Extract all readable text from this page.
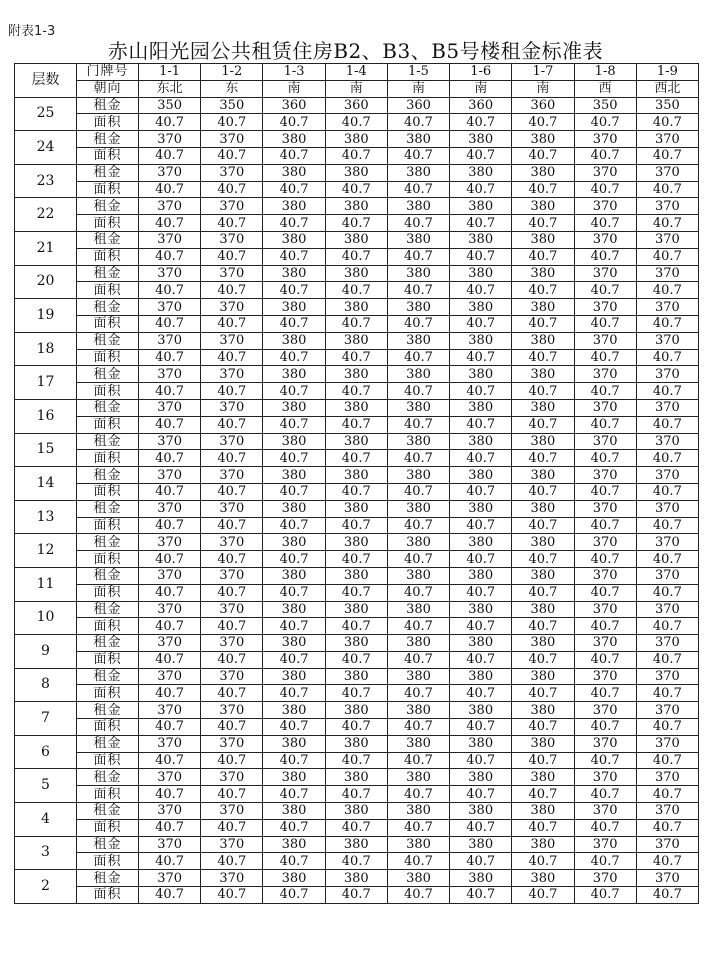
附表1-3
赤山阳光园公共租赁住房B2、B3、B5号楼租金标准表
层数	门牌号	1-1	1-2	1-3	1-4	1-5	1-6	1-7	1-8	1-9
	朝向	东北	东	南	南	南	南	南	西	西北
25	租金	350	350	360	360	360	360	360	350	350
	面积	40.7	40.7	40.7	40.7	40.7	40.7	40.7	40.7	40.7
24	租金	370	370	380	380	380	380	380	370	370
	面积	40.7	40.7	40.7	40.7	40.7	40.7	40.7	40.7	40.7
23	租金	370	370	380	380	380	380	380	370	370
	面积	40.7	40.7	40.7	40.7	40.7	40.7	40.7	40.7	40.7
22	租金	370	370	380	380	380	380	380	370	370
	面积	40.7	40.7	40.7	40.7	40.7	40.7	40.7	40.7	40.7
21	租金	370	370	380	380	380	380	380	370	370
	面积	40.7	40.7	40.7	40.7	40.7	40.7	40.7	40.7	40.7
20	租金	370	370	380	380	380	380	380	370	370
	面积	40.7	40.7	40.7	40.7	40.7	40.7	40.7	40.7	40.7
19	租金	370	370	380	380	380	380	380	370	370
	面积	40.7	40.7	40.7	40.7	40.7	40.7	40.7	40.7	40.7
18	租金	370	370	380	380	380	380	380	370	370
	面积	40.7	40.7	40.7	40.7	40.7	40.7	40.7	40.7	40.7
17	租金	370	370	380	380	380	380	380	370	370
	面积	40.7	40.7	40.7	40.7	40.7	40.7	40.7	40.7	40.7
16	租金	370	370	380	380	380	380	380	370	370
	面积	40.7	40.7	40.7	40.7	40.7	40.7	40.7	40.7	40.7
15	租金	370	370	380	380	380	380	380	370	370
	面积	40.7	40.7	40.7	40.7	40.7	40.7	40.7	40.7	40.7
14	租金	370	370	380	380	380	380	380	370	370
	面积	40.7	40.7	40.7	40.7	40.7	40.7	40.7	40.7	40.7
13	租金	370	370	380	380	380	380	380	370	370
	面积	40.7	40.7	40.7	40.7	40.7	40.7	40.7	40.7	40.7
12	租金	370	370	380	380	380	380	380	370	370
	面积	40.7	40.7	40.7	40.7	40.7	40.7	40.7	40.7	40.7
11	租金	370	370	380	380	380	380	380	370	370
	面积	40.7	40.7	40.7	40.7	40.7	40.7	40.7	40.7	40.7
10	租金	370	370	380	380	380	380	380	370	370
	面积	40.7	40.7	40.7	40.7	40.7	40.7	40.7	40.7	40.7
9	租金	370	370	380	380	380	380	380	370	370
	面积	40.7	40.7	40.7	40.7	40.7	40.7	40.7	40.7	40.7
8	租金	370	370	380	380	380	380	380	370	370
	面积	40.7	40.7	40.7	40.7	40.7	40.7	40.7	40.7	40.7
7	租金	370	370	380	380	380	380	380	370	370
	面积	40.7	40.7	40.7	40.7	40.7	40.7	40.7	40.7	40.7
6	租金	370	370	380	380	380	380	380	370	370
	面积	40.7	40.7	40.7	40.7	40.7	40.7	40.7	40.7	40.7
5	租金	370	370	380	380	380	380	380	370	370
	面积	40.7	40.7	40.7	40.7	40.7	40.7	40.7	40.7	40.7
4	租金	370	370	380	380	380	380	380	370	370
	面积	40.7	40.7	40.7	40.7	40.7	40.7	40.7	40.7	40.7
3	租金	370	370	380	380	380	380	380	370	370
	面积	40.7	40.7	40.7	40.7	40.7	40.7	40.7	40.7	40.7
2	租金	370	370	380	380	380	380	380	370	370
	面积	40.7	40.7	40.7	40.7	40.7	40.7	40.7	40.7	40.7
